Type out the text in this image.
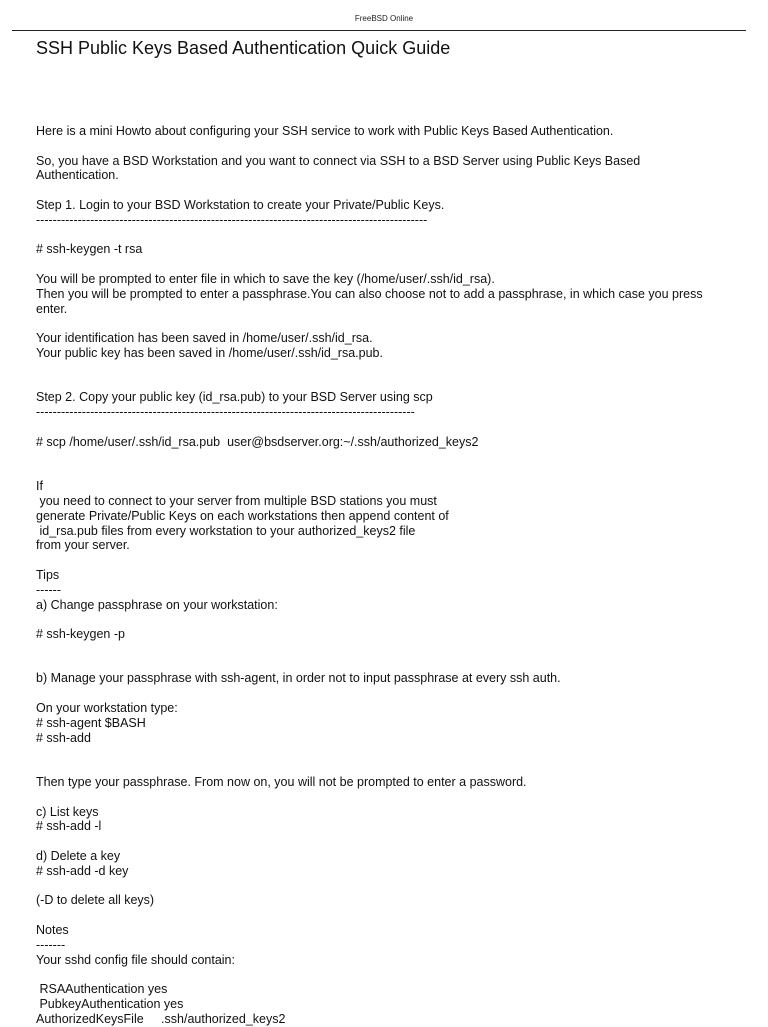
FreeBSD Online
SSH Public Keys Based Authentication Quick Guide
Here is a mini Howto about configuring your SSH service to work with Public Keys Based Authentication.
So, you have a BSD Workstation and you want to connect via SSH to a BSD Server using Public Keys Based
Authentication.
Step 1. Login to your BSD Workstation to create your Private/Public Keys.
----------------------------------------------------------------------------------------------
# ssh-keygen -t rsa
You will be prompted to enter file in which to save the key (/home/user/.ssh/id_rsa).
Then you will be prompted to enter a passphrase.You can also choose not to add a passphrase, in which case you press
enter.
Your identification has been saved in /home/user/.ssh/id_rsa.
Your public key has been saved in /home/user/.ssh/id_rsa.pub.
Step 2. Copy your public key (id_rsa.pub) to your BSD Server using scp
-------------------------------------------------------------------------------------------
# scp /home/user/.ssh/id_rsa.pub  user@bsdserver.org:~/.ssh/authorized_keys2
If
you need to connect to your server from multiple BSD stations you must
generate Private/Public Keys on each workstations then append content of
id_rsa.pub files from every workstation to your authorized_keys2 file
from your server.
Tips
------
a) Change passphrase on your workstation:
# ssh-keygen -p
b) Manage your passphrase with ssh-agent, in order not to input passphrase at every ssh auth.
On your workstation type:
# ssh-agent $BASH
# ssh-add
Then type your passphrase. From now on, you will not be prompted to enter a password.
c) List keys
# ssh-add -l
d) Delete a key
# ssh-add -d key
(-D to delete all keys)
Notes
-------
Your sshd config file should contain:
RSAAuthentication yes
PubkeyAuthentication yes
AuthorizedKeysFile     .ssh/authorized_keys2
